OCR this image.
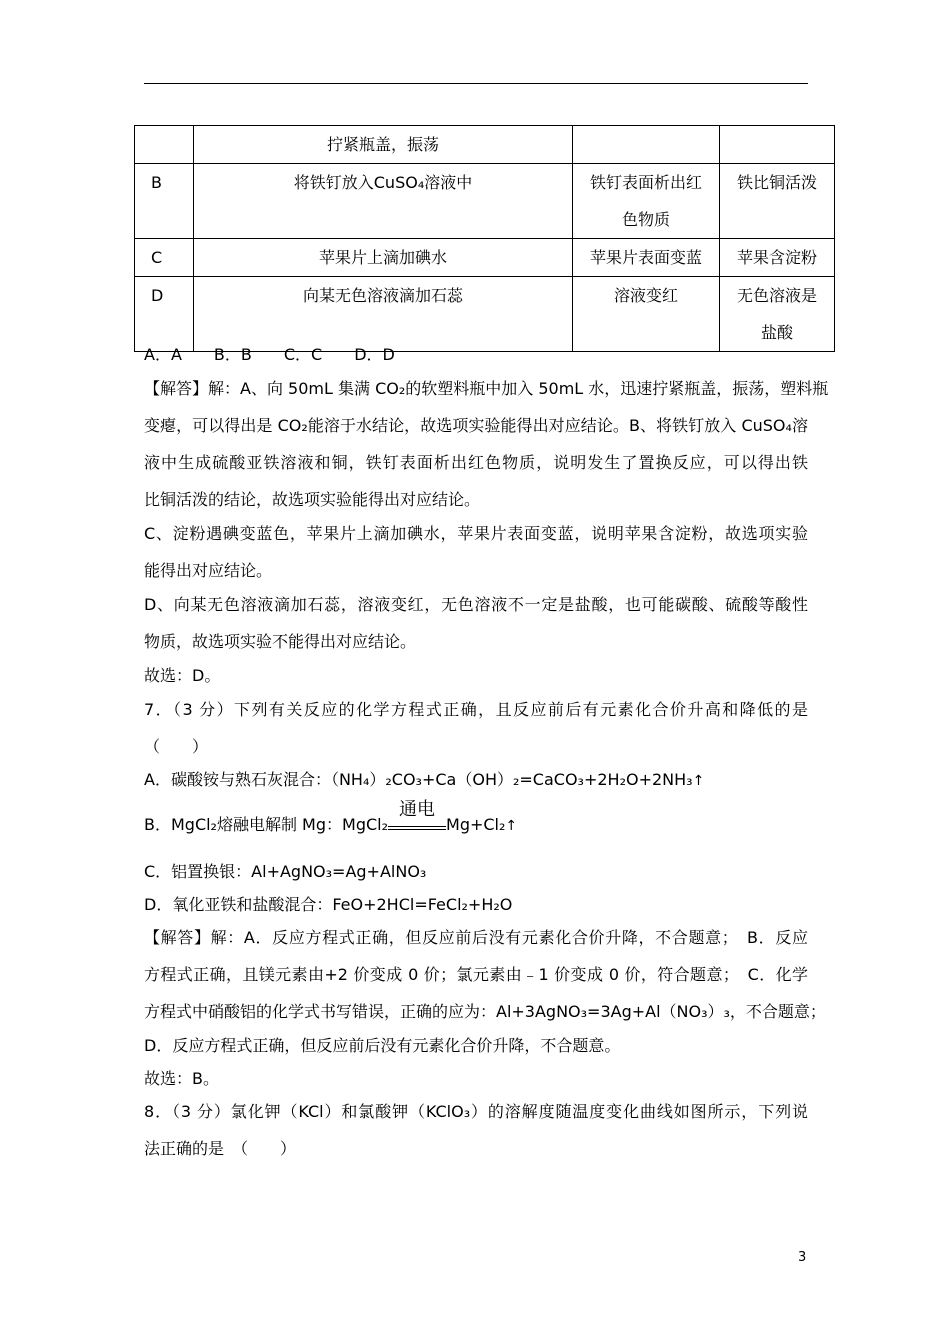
	拧紧瓶盖，振荡		
B	将铁钉放入CuSO₄溶液中	铁钉表面析出红
色物质	铁比铜活泼
C	苹果片上滴加碘水	苹果片表面变蓝	苹果含淀粉
D	向某无色溶液滴加石蕊	溶液变红	无色溶液是
盐酸
A．A　　B．B　　C．C　　D．D
【解答】解：A、向 50mL 集满 CO₂的软塑料瓶中加入 50mL 水，迅速拧紧瓶盖，振荡，塑料瓶
变瘪，可以得出是 CO₂能溶于水结论，故选项实验能得出对应结论。B、将铁钉放入 CuSO₄溶
液中生成硫酸亚铁溶液和铜，铁钉表面析出红色物质，说明发生了置换反应，可以得出铁
比铜活泼的结论，故选项实验能得出对应结论。
C、淀粉遇碘变蓝色，苹果片上滴加碘水，苹果片表面变蓝，说明苹果含淀粉，故选项实验
能得出对应结论。
D、向某无色溶液滴加石蕊，溶液变红，无色溶液不一定是盐酸，也可能碳酸、硫酸等酸性
物质，故选项实验不能得出对应结论。
故选：D。
7．（3 分）下列有关反应的化学方程式正确，且反应前后有元素化合价升高和降低的是
（　　）
A．碳酸铵与熟石灰混合：（NH₄）₂CO₃+Ca（OH）₂=CaCO₃+2H₂O+2NH₃↑
B．MgCl₂熔融电解制 Mg：MgCl₂
通电
Mg+Cl₂↑
C．铝置换银：Al+AgNO₃=Ag+AlNO₃
D．氧化亚铁和盐酸混合：FeO+2HCl=FeCl₂+H₂O
【解答】解：A．反应方程式正确，但反应前后没有元素化合价升降，不合题意；　B．反应
方程式正确，且镁元素由+2 价变成 0 价；氯元素由﹣1 价变成 0 价，符合题意；　C．化学
方程式中硝酸铝的化学式书写错误，正确的应为：Al+3AgNO₃=3Ag+Al（NO₃）₃，不合题意；
D．反应方程式正确，但反应前后没有元素化合价升降，不合题意。
故选：B。
8．（3 分）氯化钾（KCl）和氯酸钾（KClO₃）的溶解度随温度变化曲线如图所示，下列说
法正确的是　（　　）
3
